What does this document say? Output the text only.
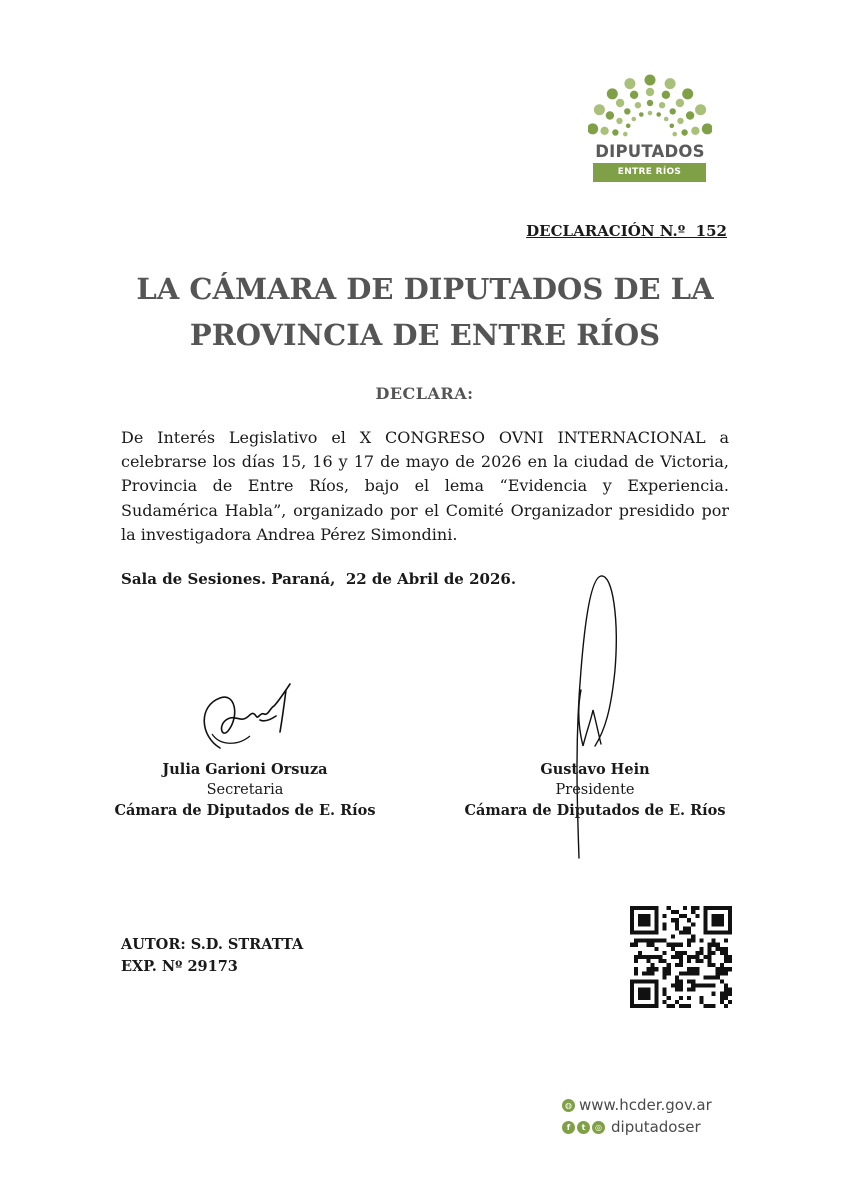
DIPUTADOS
ENTRE RÍOS
DECLARACIÓN N.º  152
LA CÁMARA DE DIPUTADOS DE LA
PROVINCIA DE ENTRE RÍOS
DECLARA:
De Interés Legislativo el X CONGRESO OVNI INTERNACIONAL a celebrarse los días 15, 16 y 17 de mayo de 2026 en la ciudad de Victoria, Provincia de Entre Ríos, bajo el lema “Evidencia y Experiencia. Sudamérica Habla”, organizado por el Comité Organizador presidido por la investigadora Andrea Pérez Simondini.
Sala de Sesiones. Paraná,  22 de Abril de 2026.
Julia Garioni Orsuza
Secretaria
Cámara de Diputados de E. Ríos
Gustavo Hein
Presidente
Cámara de Diputados de E. Ríos
AUTOR: S.D. STRATTA
EXP. Nº 29173
◍ www.hcder.gov.ar
f	t	◎ diputadoser
